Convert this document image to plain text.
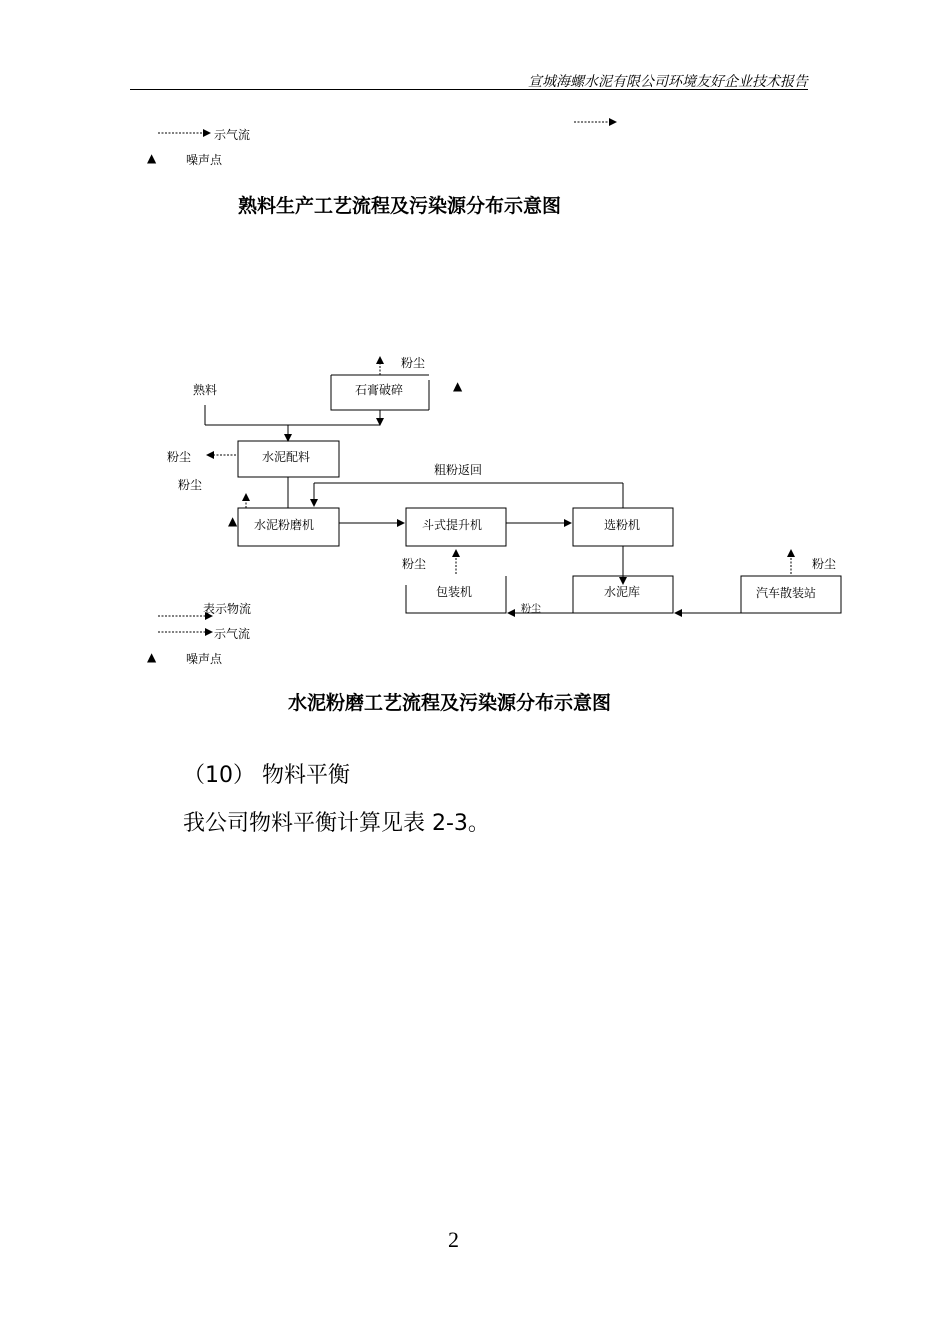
宣城海螺水泥有限公司环境友好企业技术报告
示气流
▲ 噪声点
熟料生产工艺流程及污染源分布示意图
石膏破碎
水泥配料
水泥粉磨机	斗式提升机	选粉机
包装机	水泥库	汽车散装站
熟料
粉尘
▲
粉尘
粉尘
粗粉返回
▲
粉尘	粉尘
粉尘
表示物流
示气流
▲ 噪声点
水泥粉磨工艺流程及污染源分布示意图
（10） 物料平衡
我公司物料平衡计算见表 2-3。
2
